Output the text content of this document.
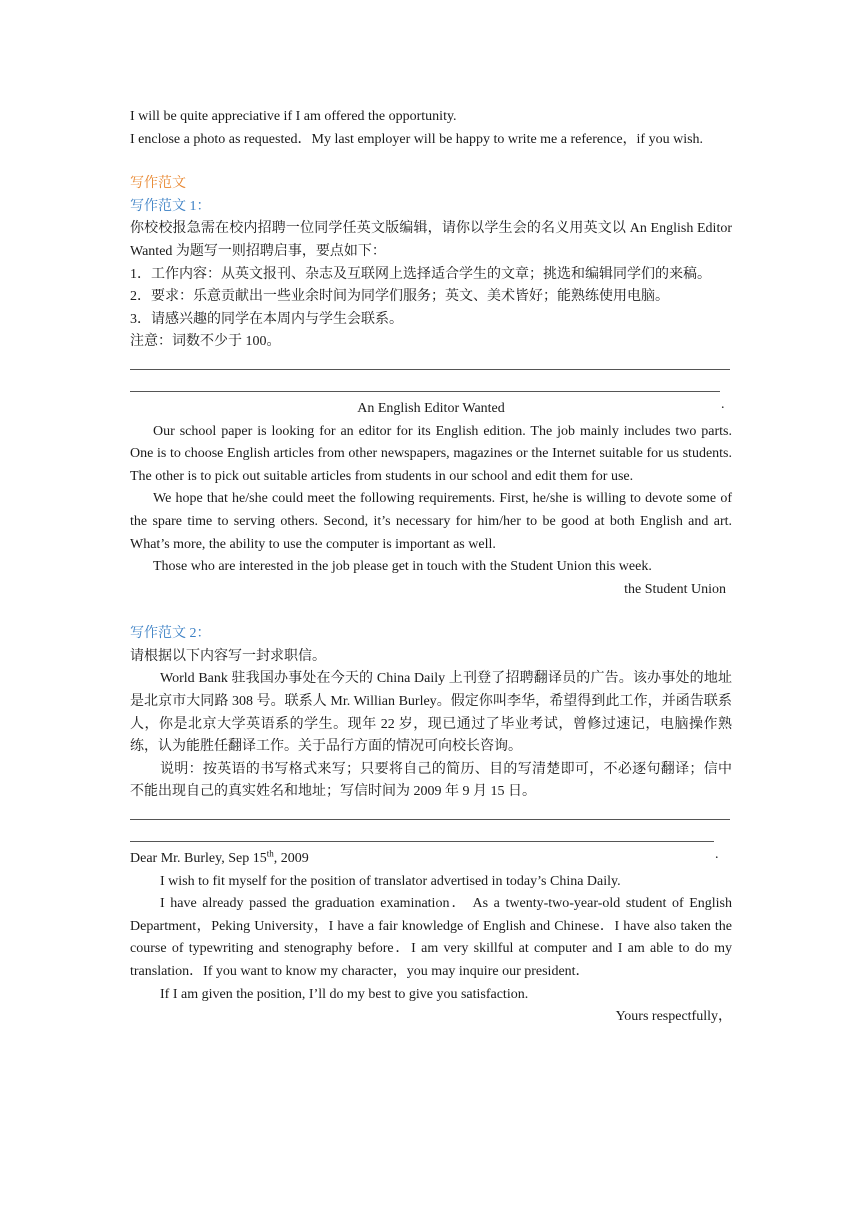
I will be quite appreciative if I am offered the opportunity.

I enclose a photo as requested．My last employer will be happy to write me a reference，if you wish.

写作范文

写作范文 1：

你校校报急需在校内招聘一位同学任英文版编辑，请你以学生会的名义用英文以 An English Editor Wanted 为题写一则招聘启事，要点如下：

1．工作内容：从英文报刊、杂志及互联网上选择适合学生的文章；挑选和编辑同学们的来稿。

2．要求：乐意贡献出一些业余时间为同学们服务；英文、美术皆好；能熟练使用电脑。

3．请感兴趣的同学在本周内与学生会联系。

注意：词数不少于 100。

.

An English Editor Wanted

Our school paper is looking for an editor for its English edition. The job mainly includes two parts. One is to choose English articles from other newspapers, magazines or the Internet suitable for us students. The other is to pick out suitable articles from students in our school and edit them for use.

We hope that he/she could meet the following requirements. First, he/she is willing to devote some of the spare time to serving others. Second, it’s necessary for him/her to be good at both English and art. What’s more, the ability to use the computer is important as well.

Those who are interested in the job please get in touch with the Student Union this week.

the Student Union

写作范文 2：

请根据以下内容写一封求职信。

World Bank 驻我国办事处在今天的 China Daily 上刊登了招聘翻译员的广告。该办事处的地址是北京市大同路 308 号。联系人 Mr. Willian Burley。假定你叫李华，希望得到此工作，并函告联系人，你是北京大学英语系的学生。现年 22 岁，现已通过了毕业考试，曾修过速记，电脑操作熟练，认为能胜任翻译工作。关于品行方面的情况可向校长咨询。

说明：按英语的书写格式来写；只要将自己的简历、目的写清楚即可，不必逐句翻译；信中不能出现自己的真实姓名和地址；写信时间为 2009 年 9 月 15 日。

.

Dear Mr. Burley, Sep 15th, 2009

I wish to fit myself for the position of translator advertised in today’s China Daily.

I have already passed the graduation examination． As a twenty-two-year-old student of English Department，Peking University，I have a fair knowledge of English and Chinese．I have also taken the course of typewriting and stenography before．I am very skillful at computer and I am able to do my translation．If you want to know my character，you may inquire our president．

If I am given the position, I’ll do my best to give you satisfaction.

Yours respectfully，
